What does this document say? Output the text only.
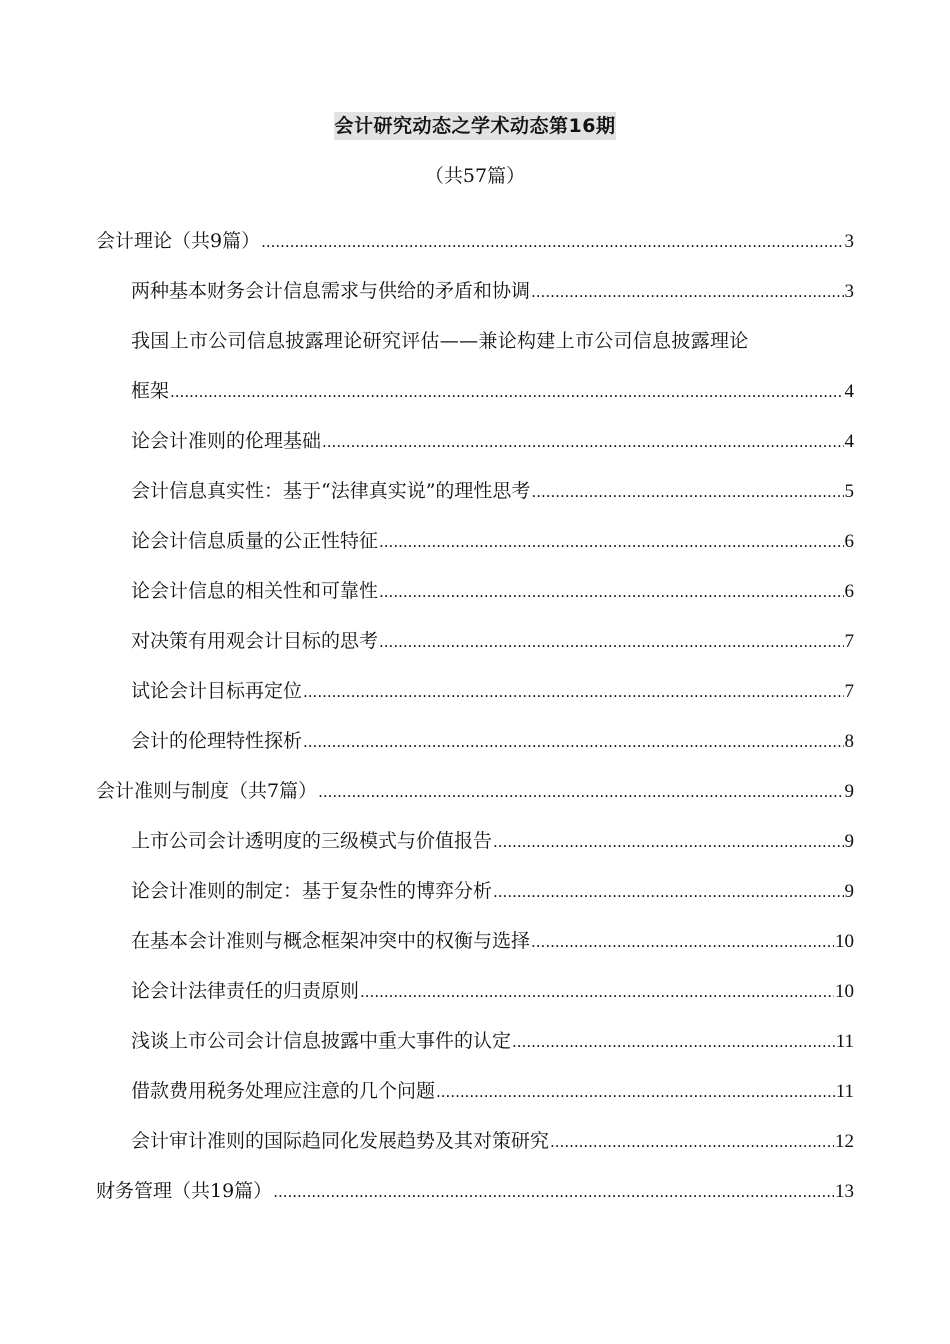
会计研究动态之学术动态第16期
（共57篇）
会计理论（共9篇） .....	3
两种基本财务会计信息需求与供给的矛盾和协调 .....	3
我国上市公司信息披露理论研究评估——兼论构建上市公司信息披露理论
框架 .....	4
论会计准则的伦理基础 .....	4
会计信息真实性：基于“法律真实说”的理性思考 .....	5
论会计信息质量的公正性特征 .....	6
论会计信息的相关性和可靠性 .....	6
对决策有用观会计目标的思考 .....	7
试论会计目标再定位 .....	7
会计的伦理特性探析 .....	8
会计准则与制度（共7篇） .....	9
上市公司会计透明度的三级模式与价值报告 .....	9
论会计准则的制定：基于复杂性的博弈分析 .....	9
在基本会计准则与概念框架冲突中的权衡与选择 .....	10
论会计法律责任的归责原则 .....	10
浅谈上市公司会计信息披露中重大事件的认定 .....	11
借款费用税务处理应注意的几个问题 .....	11
会计审计准则的国际趋同化发展趋势及其对策研究 .....	12
财务管理（共19篇） .....	13
